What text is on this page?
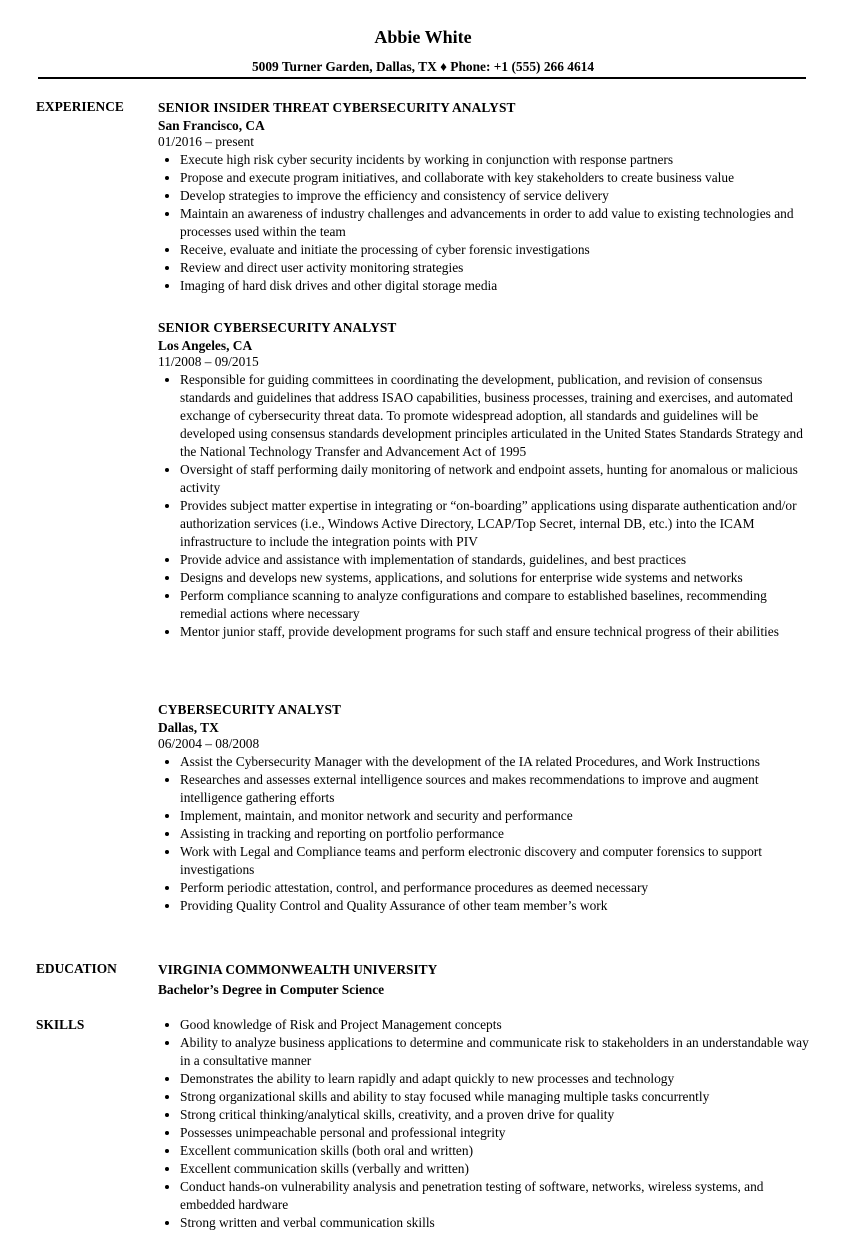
Abbie White
5009 Turner Garden, Dallas, TX ♦ Phone: +1 (555) 266 4614
EXPERIENCE	SENIOR INSIDER THREAT CYBERSECURITY ANALYST
San Francisco, CA
01/2016 – present
• Execute high risk cyber security incidents by working in conjunction with response partners
• Propose and execute program initiatives, and collaborate with key stakeholders to create business value
• Develop strategies to improve the efficiency and consistency of service delivery
• Maintain an awareness of industry challenges and advancements in order to add value to existing technologies and processes used within the team
• Receive, evaluate and initiate the processing of cyber forensic investigations
• Review and direct user activity monitoring strategies
• Imaging of hard disk drives and other digital storage media
SENIOR CYBERSECURITY ANALYST
Los Angeles, CA
11/2008 – 09/2015
• Responsible for guiding committees in coordinating the development, publication, and revision of consensus standards and guidelines that address ISAO capabilities, business processes, training and exercises, and automated exchange of cybersecurity threat data. To promote widespread adoption, all standards and guidelines will be developed using consensus standards development principles articulated in the United States Standards Strategy and the National Technology Transfer and Advancement Act of 1995
• Oversight of staff performing daily monitoring of network and endpoint assets, hunting for anomalous or malicious activity
• Provides subject matter expertise in integrating or “on-boarding” applications using disparate authentication and/or authorization services (i.e., Windows Active Directory, LCAP/Top Secret, internal DB, etc.) into the ICAM infrastructure to include the integration points with PIV
• Provide advice and assistance with implementation of standards, guidelines, and best practices
• Designs and develops new systems, applications, and solutions for enterprise wide systems and networks
• Perform compliance scanning to analyze configurations and compare to established baselines, recommending remedial actions where necessary
• Mentor junior staff, provide development programs for such staff and ensure technical progress of their abilities
CYBERSECURITY ANALYST
Dallas, TX
06/2004 – 08/2008
• Assist the Cybersecurity Manager with the development of the IA related Procedures, and Work Instructions
• Researches and assesses external intelligence sources and makes recommendations to improve and augment intelligence gathering efforts
• Implement, maintain, and monitor network and security and performance
• Assisting in tracking and reporting on portfolio performance
• Work with Legal and Compliance teams and perform electronic discovery and computer forensics to support investigations
• Perform periodic attestation, control, and performance procedures as deemed necessary
• Providing Quality Control and Quality Assurance of other team member’s work
EDUCATION	VIRGINIA COMMONWEALTH UNIVERSITY
Bachelor’s Degree in Computer Science
SKILLS
•	Good knowledge of Risk and Project Management concepts
• Ability to analyze business applications to determine and communicate risk to stakeholders in an understandable way in a consultative manner
• Demonstrates the ability to learn rapidly and adapt quickly to new processes and technology
• Strong organizational skills and ability to stay focused while managing multiple tasks concurrently
• Strong critical thinking/analytical skills, creativity, and a proven drive for quality
• Possesses unimpeachable personal and professional integrity
• Excellent communication skills (both oral and written)
• Excellent communication skills (verbally and written)
• Conduct hands-on vulnerability analysis and penetration testing of software, networks, wireless systems, and embedded hardware
• Strong written and verbal communication skills
